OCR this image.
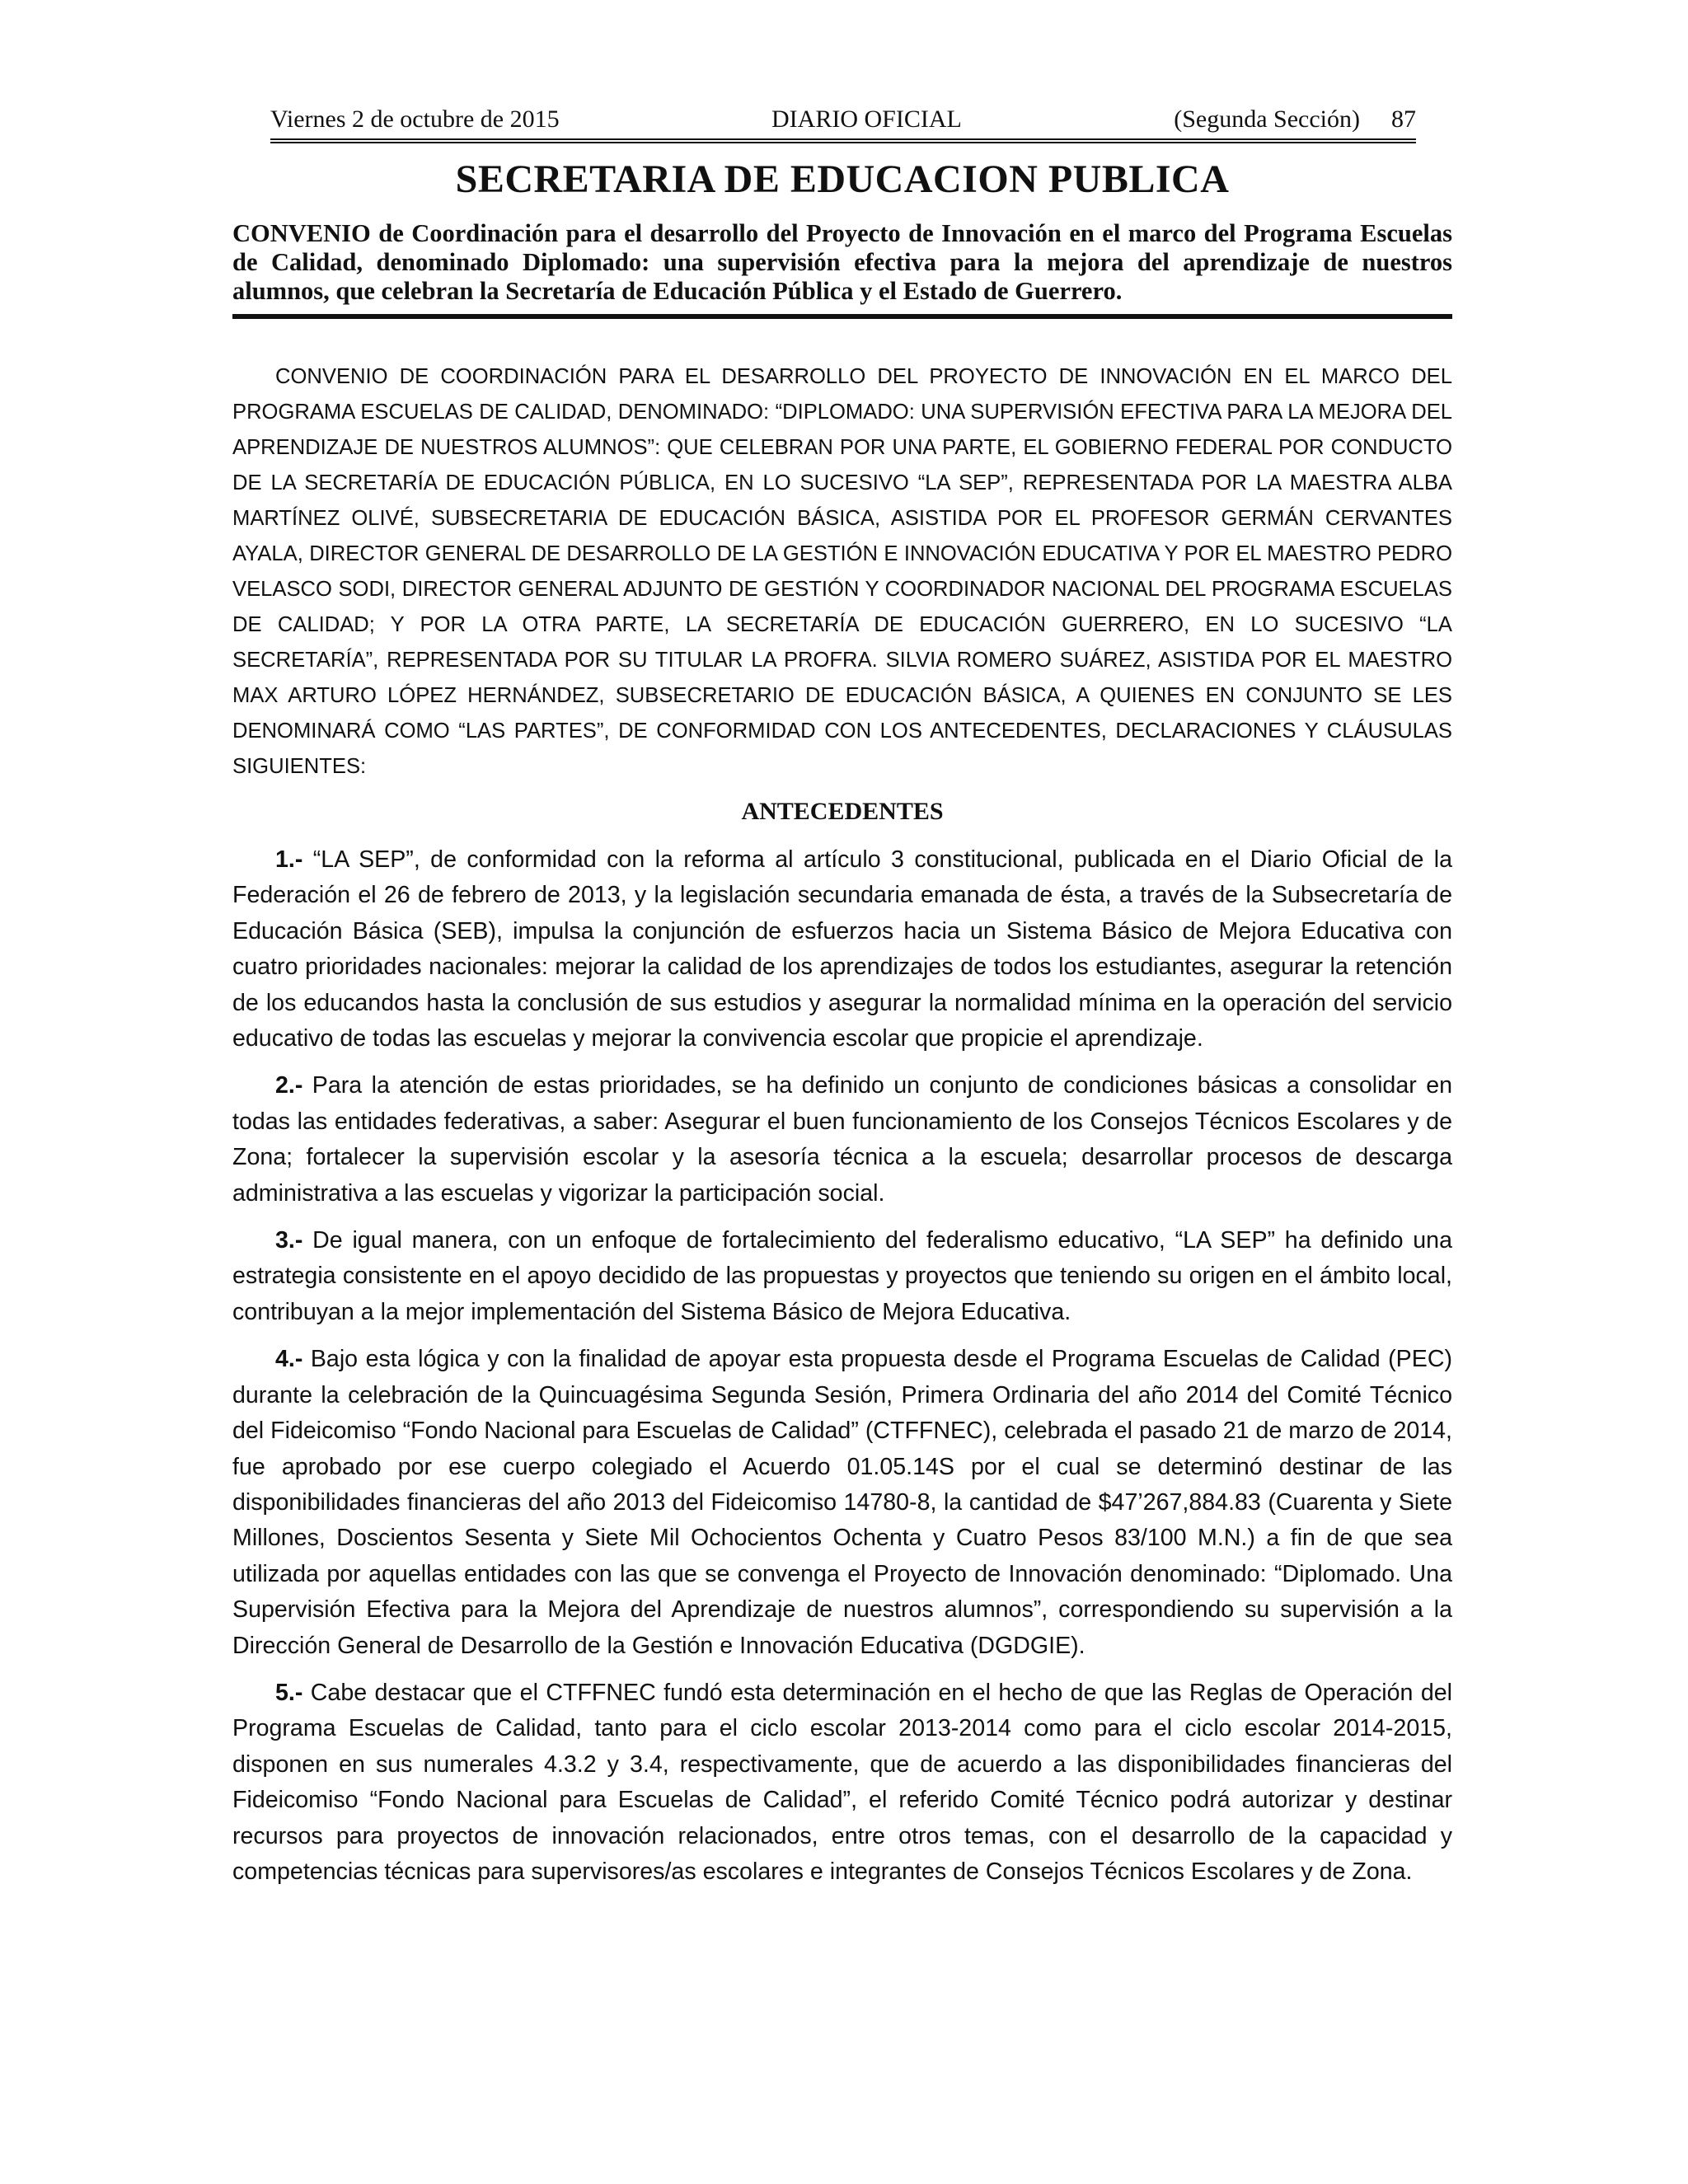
Viernes 2 de octubre de 2015	DIARIO OFICIAL	(Segunda Sección) 87
SECRETARIA DE EDUCACION PUBLICA
CONVENIO de Coordinación para el desarrollo del Proyecto de Innovación en el marco del Programa Escuelas de Calidad, denominado Diplomado: una supervisión efectiva para la mejora del aprendizaje de nuestros alumnos, que celebran la Secretaría de Educación Pública y el Estado de Guerrero.
CONVENIO DE COORDINACIÓN PARA EL DESARROLLO DEL PROYECTO DE INNOVACIÓN EN EL MARCO DEL PROGRAMA ESCUELAS DE CALIDAD, DENOMINADO: “DIPLOMADO: UNA SUPERVISIÓN EFECTIVA PARA LA MEJORA DEL APRENDIZAJE DE NUESTROS ALUMNOS”: QUE CELEBRAN POR UNA PARTE, EL GOBIERNO FEDERAL POR CONDUCTO DE LA SECRETARÍA DE EDUCACIÓN PÚBLICA, EN LO SUCESIVO “LA SEP”, REPRESENTADA POR LA MAESTRA ALBA MARTÍNEZ OLIVÉ, SUBSECRETARIA DE EDUCACIÓN BÁSICA, ASISTIDA POR EL PROFESOR GERMÁN CERVANTES AYALA, DIRECTOR GENERAL DE DESARROLLO DE LA GESTIÓN E INNOVACIÓN EDUCATIVA Y POR EL MAESTRO PEDRO VELASCO SODI, DIRECTOR GENERAL ADJUNTO DE GESTIÓN Y COORDINADOR NACIONAL DEL PROGRAMA ESCUELAS DE CALIDAD; Y POR LA OTRA PARTE, LA SECRETARÍA DE EDUCACIÓN GUERRERO, EN LO SUCESIVO “LA SECRETARÍA”, REPRESENTADA POR SU TITULAR LA PROFRA. SILVIA ROMERO SUÁREZ, ASISTIDA POR EL MAESTRO MAX ARTURO LÓPEZ HERNÁNDEZ, SUBSECRETARIO DE EDUCACIÓN BÁSICA, A QUIENES EN CONJUNTO SE LES DENOMINARÁ COMO “LAS PARTES”, DE CONFORMIDAD CON LOS ANTECEDENTES, DECLARACIONES Y CLÁUSULAS SIGUIENTES:
ANTECEDENTES

1.- “LA SEP”, de conformidad con la reforma al artículo 3 constitucional, publicada en el Diario Oficial de la Federación el 26 de febrero de 2013, y la legislación secundaria emanada de ésta, a través de la Subsecretaría de Educación Básica (SEB), impulsa la conjunción de esfuerzos hacia un Sistema Básico de Mejora Educativa con cuatro prioridades nacionales: mejorar la calidad de los aprendizajes de todos los estudiantes, asegurar la retención de los educandos hasta la conclusión de sus estudios y asegurar la normalidad mínima en la operación del servicio educativo de todas las escuelas y mejorar la convivencia escolar que propicie el aprendizaje.

2.- Para la atención de estas prioridades, se ha definido un conjunto de condiciones básicas a consolidar en todas las entidades federativas, a saber: Asegurar el buen funcionamiento de los Consejos Técnicos Escolares y de Zona; fortalecer la supervisión escolar y la asesoría técnica a la escuela; desarrollar procesos de descarga administrativa a las escuelas y vigorizar la participación social.

3.- De igual manera, con un enfoque de fortalecimiento del federalismo educativo, “LA SEP” ha definido una estrategia consistente en el apoyo decidido de las propuestas y proyectos que teniendo su origen en el ámbito local, contribuyan a la mejor implementación del Sistema Básico de Mejora Educativa.

4.- Bajo esta lógica y con la finalidad de apoyar esta propuesta desde el Programa Escuelas de Calidad (PEC) durante la celebración de la Quincuagésima Segunda Sesión, Primera Ordinaria del año 2014 del Comité Técnico del Fideicomiso “Fondo Nacional para Escuelas de Calidad” (CTFFNEC), celebrada el pasado 21 de marzo de 2014, fue aprobado por ese cuerpo colegiado el Acuerdo 01.05.14S por el cual se determinó destinar de las disponibilidades financieras del año 2013 del Fideicomiso 14780-8, la cantidad de $47’267,884.83 (Cuarenta y Siete Millones, Doscientos Sesenta y Siete Mil Ochocientos Ochenta y Cuatro Pesos 83/100 M.N.) a fin de que sea utilizada por aquellas entidades con las que se convenga el Proyecto de Innovación denominado: “Diplomado. Una Supervisión Efectiva para la Mejora del Aprendizaje de nuestros alumnos”, correspondiendo su supervisión a la Dirección General de Desarrollo de la Gestión e Innovación Educativa (DGDGIE).

5.- Cabe destacar que el CTFFNEC fundó esta determinación en el hecho de que las Reglas de Operación del Programa Escuelas de Calidad, tanto para el ciclo escolar 2013-2014 como para el ciclo escolar 2014-2015, disponen en sus numerales 4.3.2 y 3.4, respectivamente, que de acuerdo a las disponibilidades financieras del Fideicomiso “Fondo Nacional para Escuelas de Calidad”, el referido Comité Técnico podrá autorizar y destinar recursos para proyectos de innovación relacionados, entre otros temas, con el desarrollo de la capacidad y competencias técnicas para supervisores/as escolares e integrantes de Consejos Técnicos Escolares y de Zona.
